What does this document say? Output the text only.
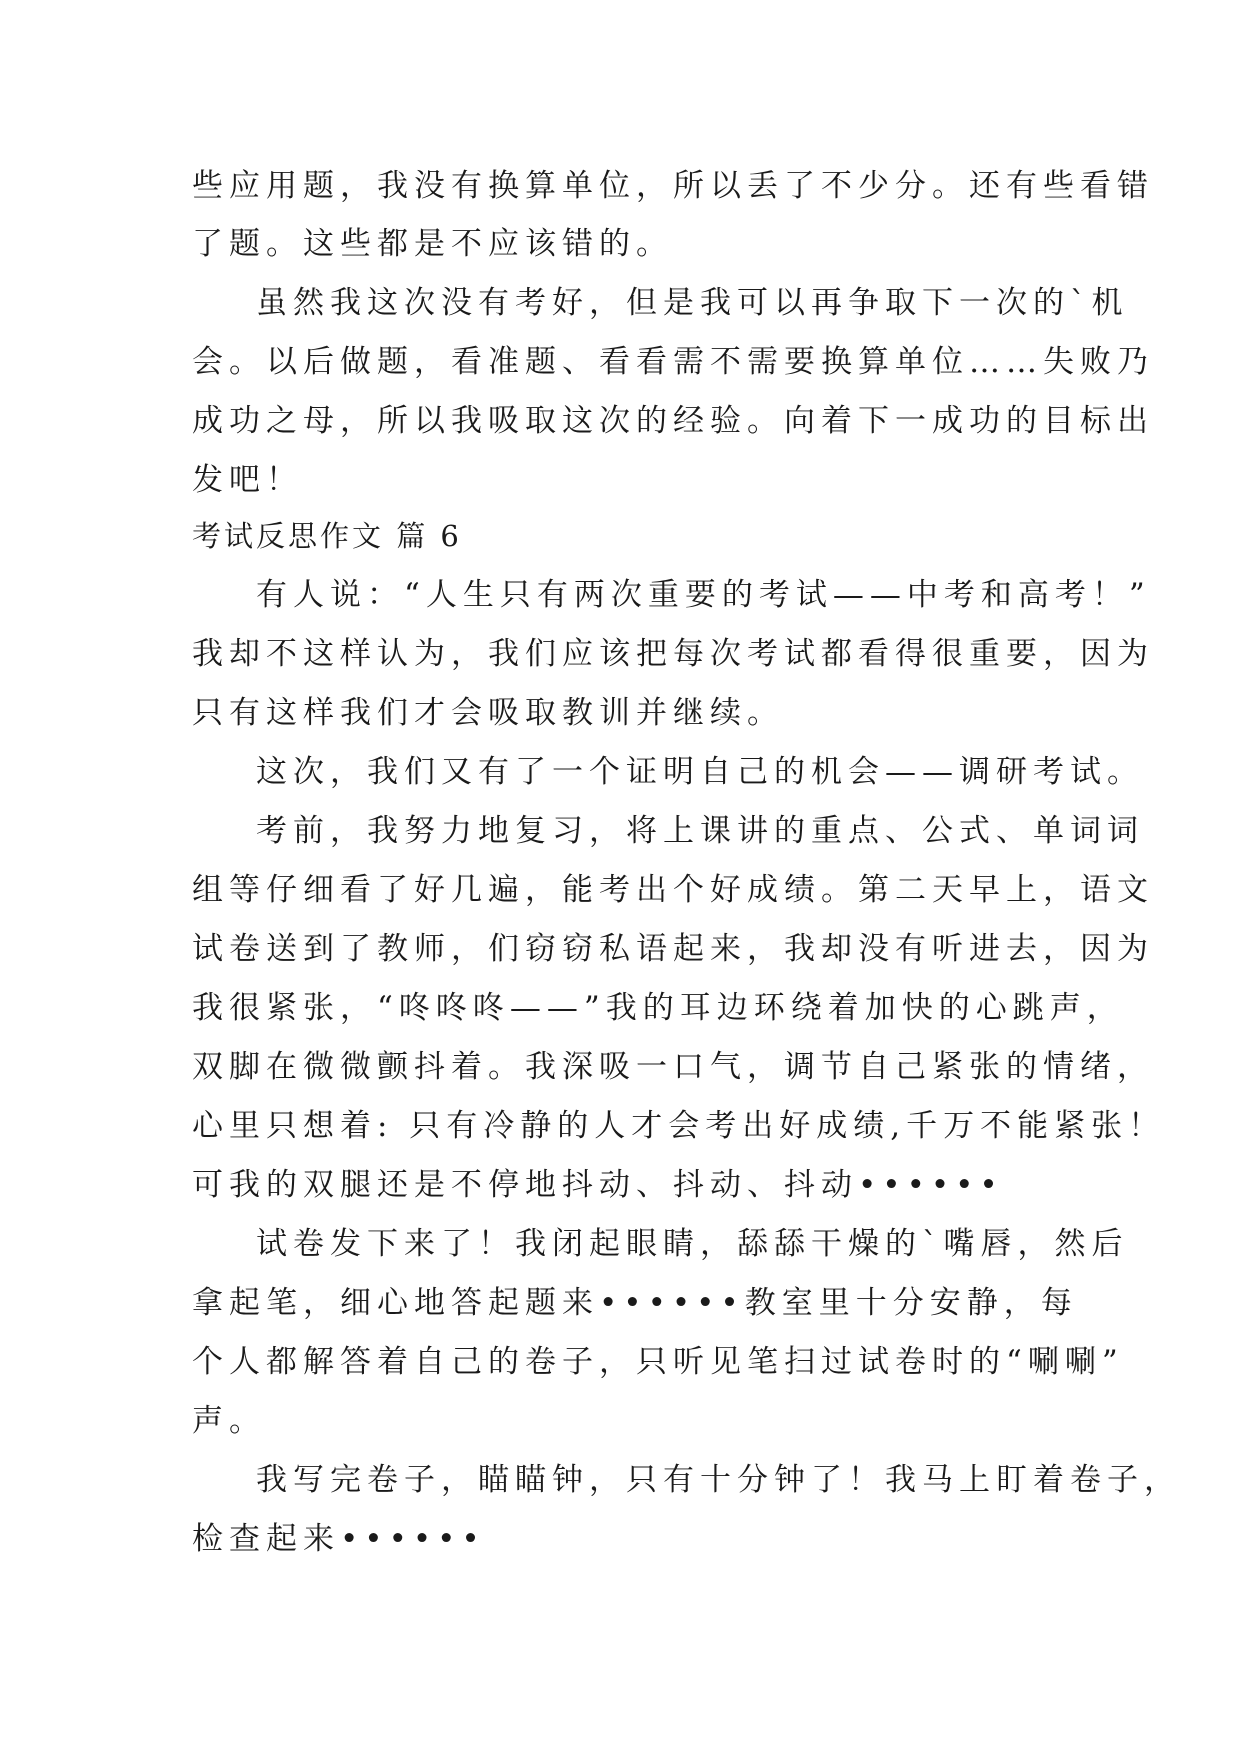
些应用题，我没有换算单位，所以丢了不少分。还有些看错
了题。这些都是不应该错的。
虽然我这次没有考好，但是我可以再争取下一次的`机
会。以后做题，看准题、看看需不需要换算单位……失败乃
成功之母，所以我吸取这次的经验。向着下一成功的目标出
发吧！
考试反思作文 篇 6
有人说：“人生只有两次重要的考试——中考和高考！”
我却不这样认为，我们应该把每次考试都看得很重要，因为
只有这样我们才会吸取教训并继续。
这次，我们又有了一个证明自己的机会——调研考试。
考前，我努力地复习，将上课讲的重点、公式、单词词
组等仔细看了好几遍，能考出个好成绩。第二天早上，语文
试卷送到了教师，们窃窃私语起来，我却没有听进去，因为
我很紧张，“咚咚咚——”我的耳边环绕着加快的心跳声，
双脚在微微颤抖着。我深吸一口气，调节自己紧张的情绪，
心里只想着: 只有冷静的人才会考出好成绩,千万不能紧张！
可我的双腿还是不停地抖动、抖动、抖动••••••
试卷发下来了！我闭起眼睛，舔舔干燥的`嘴唇，然后
拿起笔，细心地答起题来••••••教室里十分安静，每
个人都解答着自己的卷子，只听见笔扫过试卷时的“唰唰”
声。
我写完卷子，瞄瞄钟，只有十分钟了！我马上盯着卷子，
检查起来••••••
